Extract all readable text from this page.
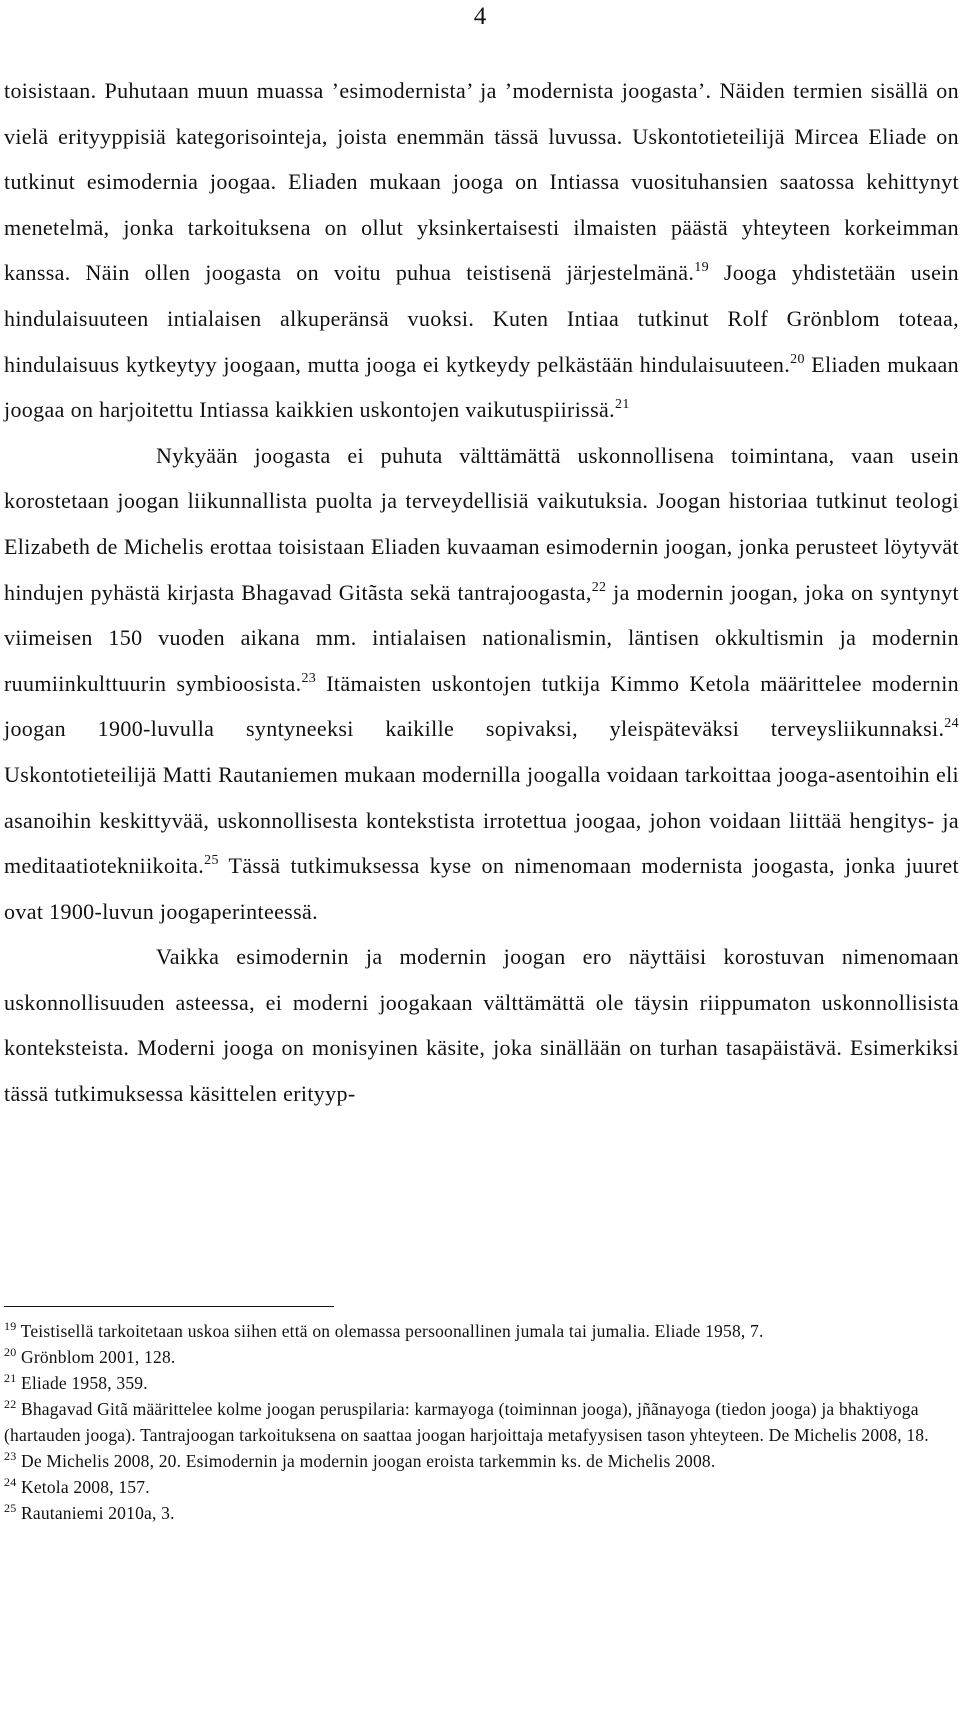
4

toisistaan. Puhutaan muun muassa ’esimodernista’ ja ’modernista joogasta’. Näiden termien sisällä on vielä erityyppisiä kategorisointeja, joista enemmän tässä luvussa. Uskontotieteilijä Mircea Eliade on tutkinut esimodernia joogaa. Eliaden mukaan jooga on Intiassa vuosituhansien saatossa kehittynyt menetelmä, jonka tarkoituksena on ollut yksinkertaisesti ilmaisten päästä yhteyteen korkeimman kanssa. Näin ollen joogasta on voitu puhua teistisenä järjestelmänä.$^{19}$ Jooga yhdistetään usein hindulaisuuteen intialaisen alkuperänsä vuoksi. Kuten Intiaa tutkinut Rolf Grönblom toteaa, hindulaisuus kytkeytyy joogaan, mutta jooga ei kytkeydy pelkästään hindulaisuuteen.$^{20}$ Eliaden mukaan joogaa on harjoitettu Intiassa kaikkien uskontojen vaikutuspiirissä.$^{21}$

Nykyään joogasta ei puhuta välttämättä uskonnollisena toimintana, vaan usein korostetaan joogan liikunnallista puolta ja terveydellisiä vaikutuksia. Joogan historiaa tutkinut teologi Elizabeth de Michelis erottaa toisistaan Eliaden kuvaaman esimodernin joogan, jonka perusteet löytyvät hindujen pyhästä kirjasta Bhagavad Gitãsta sekä tantrajoogasta,$^{22}$ ja modernin joogan, joka on syntynyt viimeisen 150 vuoden aikana mm. intialaisen nationalismin, läntisen okkultismin ja modernin ruumiinkulttuurin symbioosista.$^{23}$ Itämaisten uskontojen tutkija Kimmo Ketola määrittelee modernin joogan 1900-luvulla syntyneeksi kaikille sopivaksi, yleispäteväksi terveysliikunnaksi.$^{24}$ Uskontotieteilijä Matti Rautaniemen mukaan modernilla joogalla voidaan tarkoittaa jooga-asentoihin eli asanoihin keskittyvää, uskonnollisesta kontekstista irrotettua joogaa, johon voidaan liittää hengitys- ja meditaatiotekniikoita.$^{25}$ Tässä tutkimuksessa kyse on nimenomaan modernista joogasta, jonka juuret ovat 1900-luvun joogaperinteessä.

Vaikka esimodernin ja modernin joogan ero näyttäisi korostuvan nimenomaan uskonnollisuuden asteessa, ei moderni joogakaan välttämättä ole täysin riippumaton uskonnollisista konteksteista. Moderni jooga on monisyinen käsite, joka sinällään on turhan tasapäistävä. Esimerkiksi tässä tutkimuksessa käsittelen erityyp-

$^{19}$ Teistisellä tarkoitetaan uskoa siihen että on olemassa persoonallinen jumala tai jumalia. Eliade 1958, 7.

$^{20}$ Grönblom 2001, 128.

$^{21}$ Eliade 1958, 359.

$^{22}$ Bhagavad Gitã määrittelee kolme joogan peruspilaria: karmayoga (toiminnan jooga), jñãnayoga (tiedon jooga) ja bhaktiyoga (hartauden jooga). Tantrajoogan tarkoituksena on saattaa joogan harjoittaja metafyysisen tason yhteyteen. De Michelis 2008, 18.

$^{23}$ De Michelis 2008, 20. Esimodernin ja modernin joogan eroista tarkemmin ks. de Michelis 2008.

$^{24}$ Ketola 2008, 157.

$^{25}$ Rautaniemi 2010a, 3.
